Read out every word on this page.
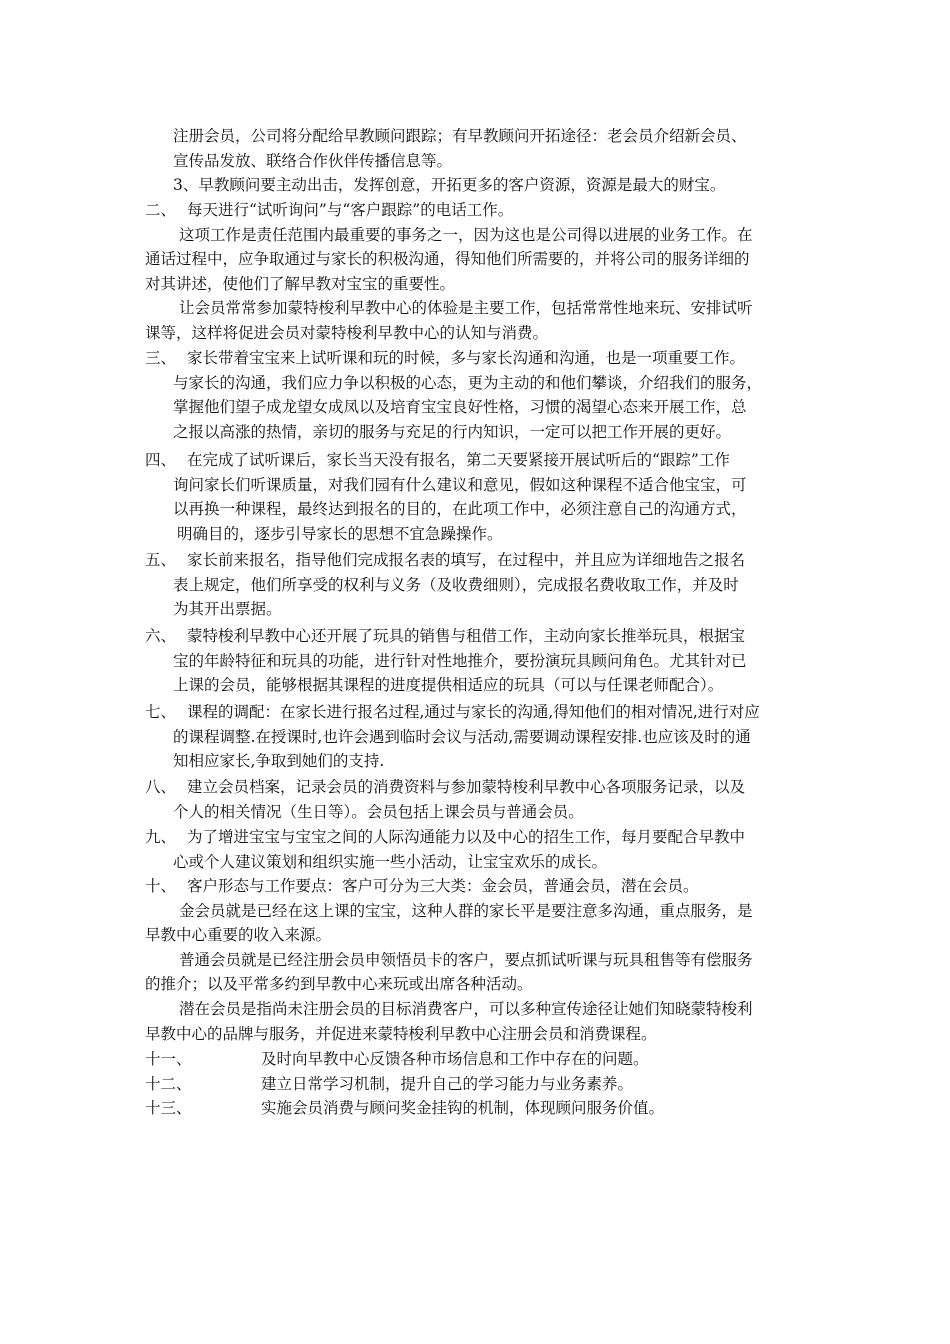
注册会员，公司将分配给早教顾问跟踪；有早教顾问开拓途径：老会员介绍新会员、
宣传品发放、联络合作伙伴传播信息等。
3、早教顾问要主动出击，发挥创意，开拓更多的客户资源，资源是最大的财宝。
二、 每天进行“试听询问”与“客户跟踪”的电话工作。
这项工作是责任范围内最重要的事务之一，因为这也是公司得以进展的业务工作。在
通话过程中，应争取通过与家长的积极沟通，得知他们所需要的，并将公司的服务详细的
对其讲述，使他们了解早教对宝宝的重要性。
让会员常常参加蒙特梭利早教中心的体验是主要工作，包括常常性地来玩、安排试听
课等，这样将促进会员对蒙特梭利早教中心的认知与消费。
三、 家长带着宝宝来上试听课和玩的时候，多与家长沟通和沟通，也是一项重要工作。
与家长的沟通，我们应力争以积极的心态，更为主动的和他们攀谈，介绍我们的服务，
掌握他们望子成龙望女成凤以及培育宝宝良好性格，习惯的渴望心态来开展工作，总
之报以高涨的热情，亲切的服务与充足的行内知识，一定可以把工作开展的更好。
四、 在完成了试听课后，家长当天没有报名，第二天要紧接开展试听后的“跟踪”工作
询问家长们听课质量，对我们园有什么建议和意见，假如这种课程不适合他宝宝，可
以再换一种课程，最终达到报名的目的，在此项工作中，必须注意自己的沟通方式，
明确目的，逐步引导家长的思想不宜急躁操作。
五、 家长前来报名，指导他们完成报名表的填写，在过程中，并且应为详细地告之报名
表上规定，他们所享受的权利与义务（及收费细则），完成报名费收取工作，并及时
为其开出票据。
六、 蒙特梭利早教中心还开展了玩具的销售与租借工作，主动向家长推举玩具，根据宝
宝的年龄特征和玩具的功能，进行针对性地推介，要扮演玩具顾问角色。尤其针对已
上课的会员，能够根据其课程的进度提供相适应的玩具（可以与任课老师配合）。
七、 课程的调配：在家长进行报名过程,通过与家长的沟通,得知他们的相对情况,进行对应
的课程调整.在授课时,也许会遇到临时会议与活动,需要调动课程安排.也应该及时的通
知相应家长,争取到她们的支持.
八、 建立会员档案，记录会员的消费资料与参加蒙特梭利早教中心各项服务记录，以及
个人的相关情况（生日等）。会员包括上课会员与普通会员。
九、 为了增进宝宝与宝宝之间的人际沟通能力以及中心的招生工作，每月要配合早教中
心或个人建议策划和组织实施一些小活动，让宝宝欢乐的成长。
十、 客户形态与工作要点：客户可分为三大类：金会员，普通会员，潜在会员。
金会员就是已经在这上课的宝宝，这种人群的家长平是要注意多沟通，重点服务，是
早教中心重要的收入来源。
普通会员就是已经注册会员申领悟员卡的客户，要点抓试听课与玩具租售等有偿服务
的推介；以及平常多约到早教中心来玩或出席各种活动。
潜在会员是指尚未注册会员的目标消费客户，可以多种宣传途径让她们知晓蒙特梭利
早教中心的品牌与服务，并促进来蒙特梭利早教中心注册会员和消费课程。
十一、	及时向早教中心反馈各种市场信息和工作中存在的问题。
十二、	建立日常学习机制，提升自己的学习能力与业务素养。
十三、	实施会员消费与顾问奖金挂钩的机制，体现顾问服务价值。
